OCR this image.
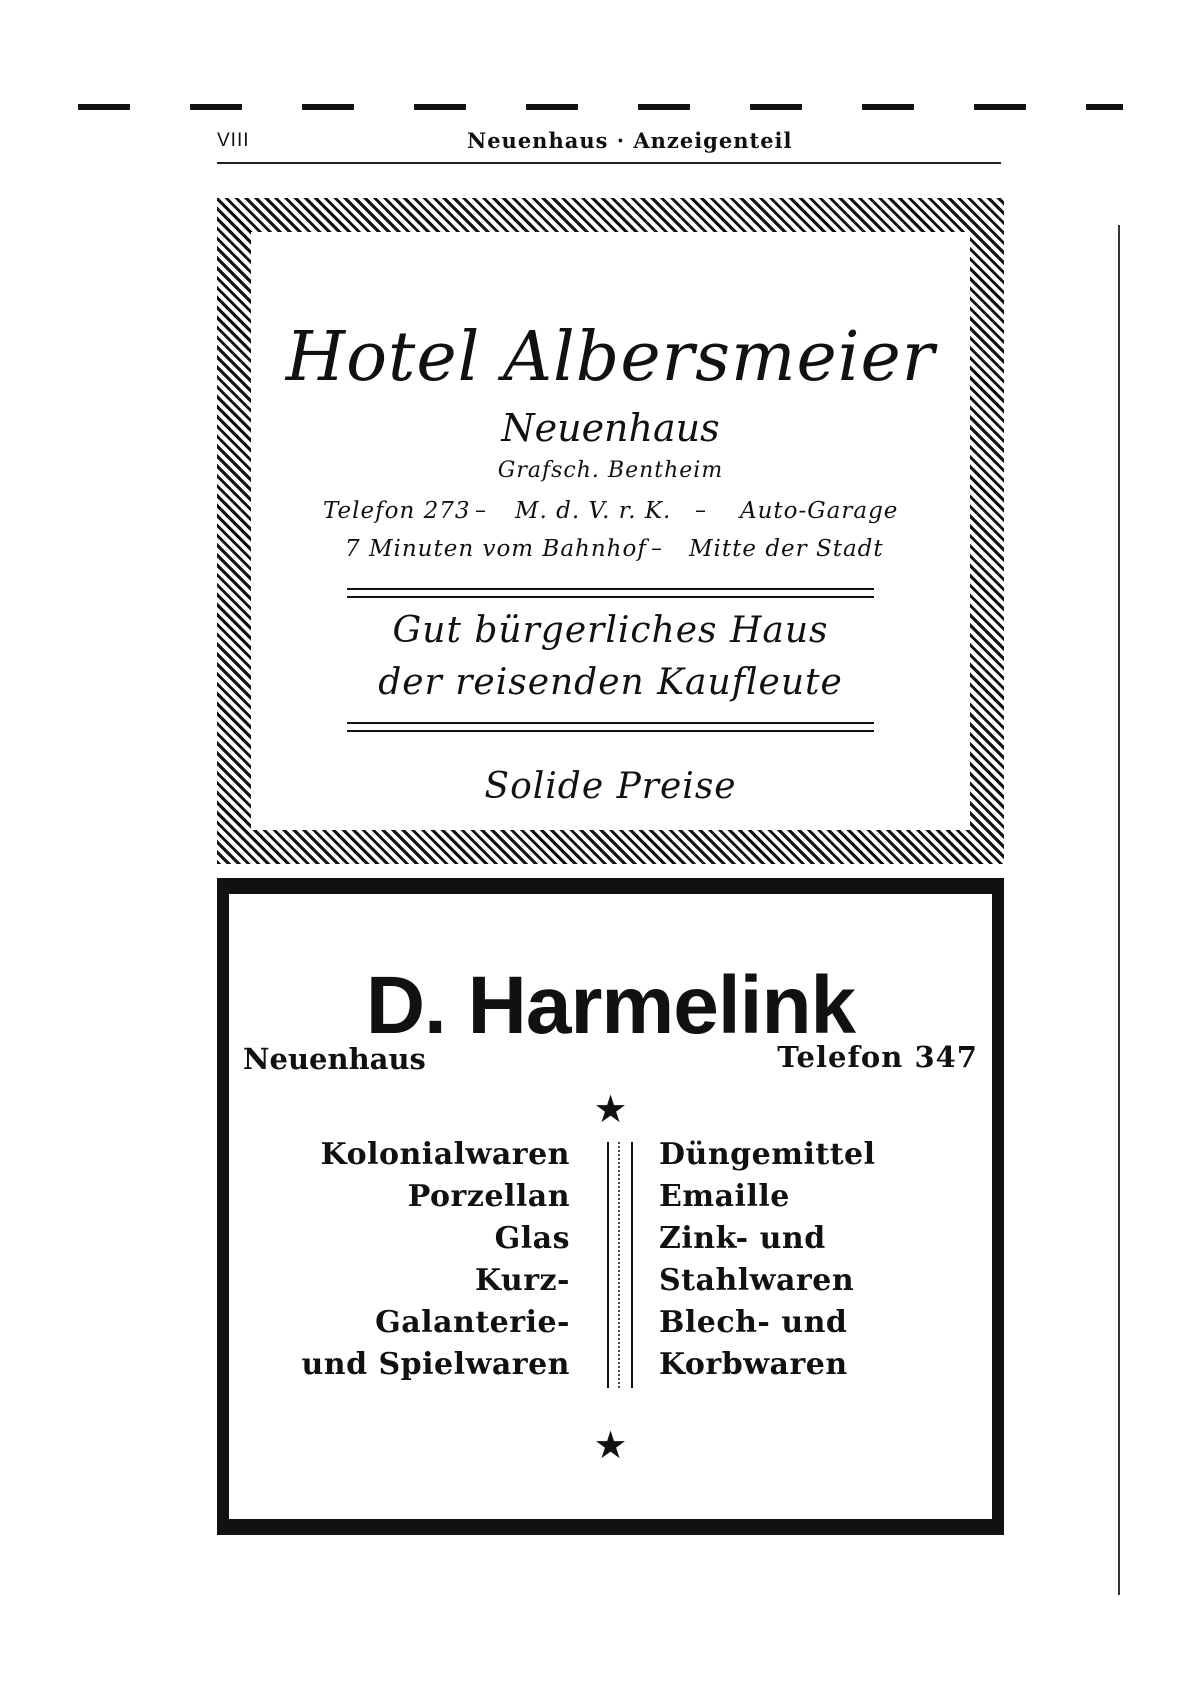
VIII	Neuenhaus · Anzeigenteil
Hotel Albersmeier
Neuenhaus
Grafsch. Bentheim
Telefon 273 – M. d. V. r. K. – Auto-Garage
7 Minuten vom Bahnhof – Mitte der Stadt
Gut bürgerliches Haus
der reisenden Kaufleute
Solide Preise
D. Harmelink
Neuenhaus	Telefon 347
★
Kolonialwaren
Porzellan
Glas
Kurz-
Galanterie-
und Spielwaren
Düngemittel
Emaille
Zink- und
Stahlwaren
Blech- und
Korbwaren
★
